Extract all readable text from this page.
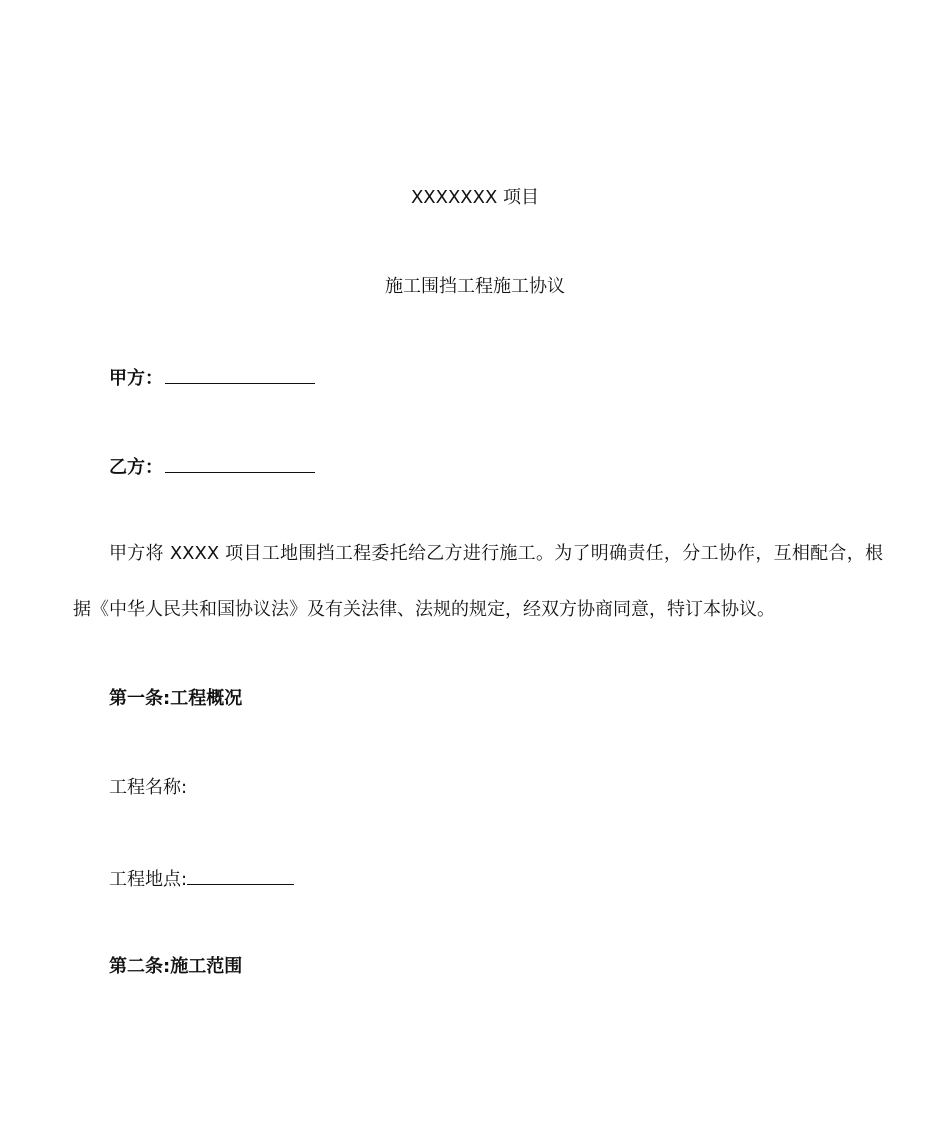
XXXXXXX 项目
施工围挡工程施工协议
甲方：
乙方：
甲方将 XXXX 项目工地围挡工程委托给乙方进行施工。为了明确责任，分工协作，互相配合，根据《中华人民共和国协议法》及有关法律、法规的规定，经双方协商同意，特订本协议。
第一条:工程概况
工程名称:
工程地点:
第二条:施工范围
